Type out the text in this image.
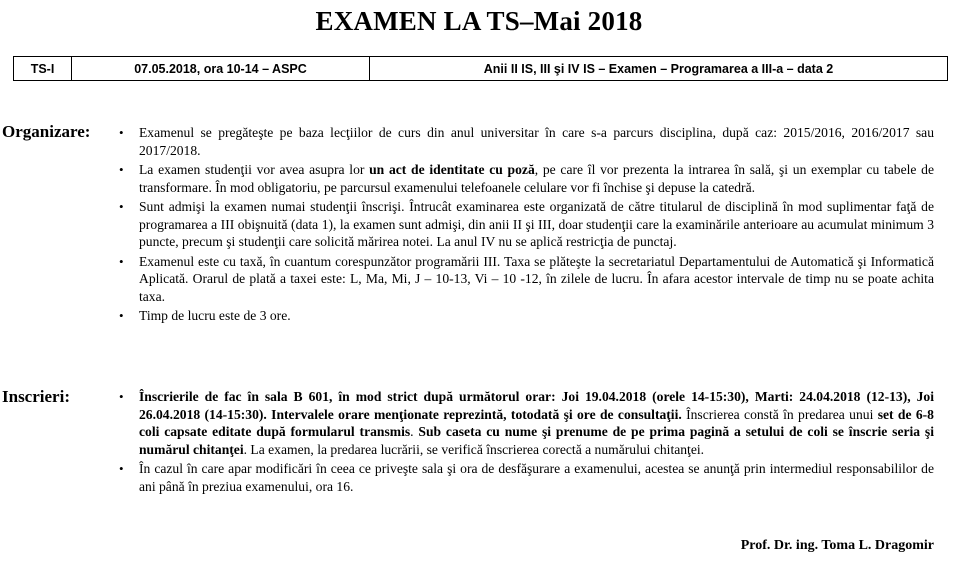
EXAMEN LA TS–Mai 2018
TS-I	07.05.2018, ora 10-14 – ASPC	Anii II IS, III şi IV IS – Examen – Programarea a III-a – data 2
Organizare: • Examenul se pregăteşte pe baza lecţiilor de curs din anul universitar în care s-a parcurs disciplina, după caz: 2015/2016, 2016/2017 sau 2017/2018.
• La examen studenţii vor avea asupra lor un act de identitate cu poză, pe care îl vor prezenta la intrarea în sală, şi un exemplar cu tabele de transformare. În mod obligatoriu, pe parcursul examenului telefoanele celulare vor fi închise şi depuse la catedră.
• Sunt admişi la examen numai studenţii înscrişi. Întrucât examinarea este organizată de către titularul de disciplină în mod suplimentar faţă de programarea a III obişnuită (data 1), la examen sunt admişi, din anii II şi III, doar studenţii care la examinările anterioare au acumulat minimum 3 puncte, precum şi studenţii care solicită mărirea notei. La anul IV nu se aplică restricţia de punctaj.
• Examenul este cu taxă, în cuantum corespunzător programării III. Taxa se plăteşte la secretariatul Departamentului de Automatică şi Informatică Aplicată. Orarul de plată a taxei este: L, Ma, Mi, J – 10-13, Vi – 10 -12, în zilele de lucru. În afara acestor intervale de timp nu se poate achita taxa.
• Timp de lucru este de 3 ore.
Inscrieri:	• Înscrierile de fac în sala B 601, în mod strict după următorul orar: Joi 19.04.2018 (orele 14-15:30), Marti: 24.04.2018 (12-13), Joi 26.04.2018 (14-15:30). Intervalele orare menţionate reprezintă, totodată şi ore de consultaţii. Înscrierea constă în predarea unui set de 6-8 coli capsate editate după formularul transmis. Sub caseta cu nume şi prenume de pe prima pagină a setului de coli se înscrie seria şi numărul chitanţei. La examen, la predarea lucrării, se verifică înscrierea corectă a numărului chitanţei.
• În cazul în care apar modificări în ceea ce priveşte sala şi ora de desfăşurare a examenului, acestea se anunţă prin intermediul responsabililor de ani până în preziua examenului, ora 16.
Prof. Dr. ing. Toma L. Dragomir
